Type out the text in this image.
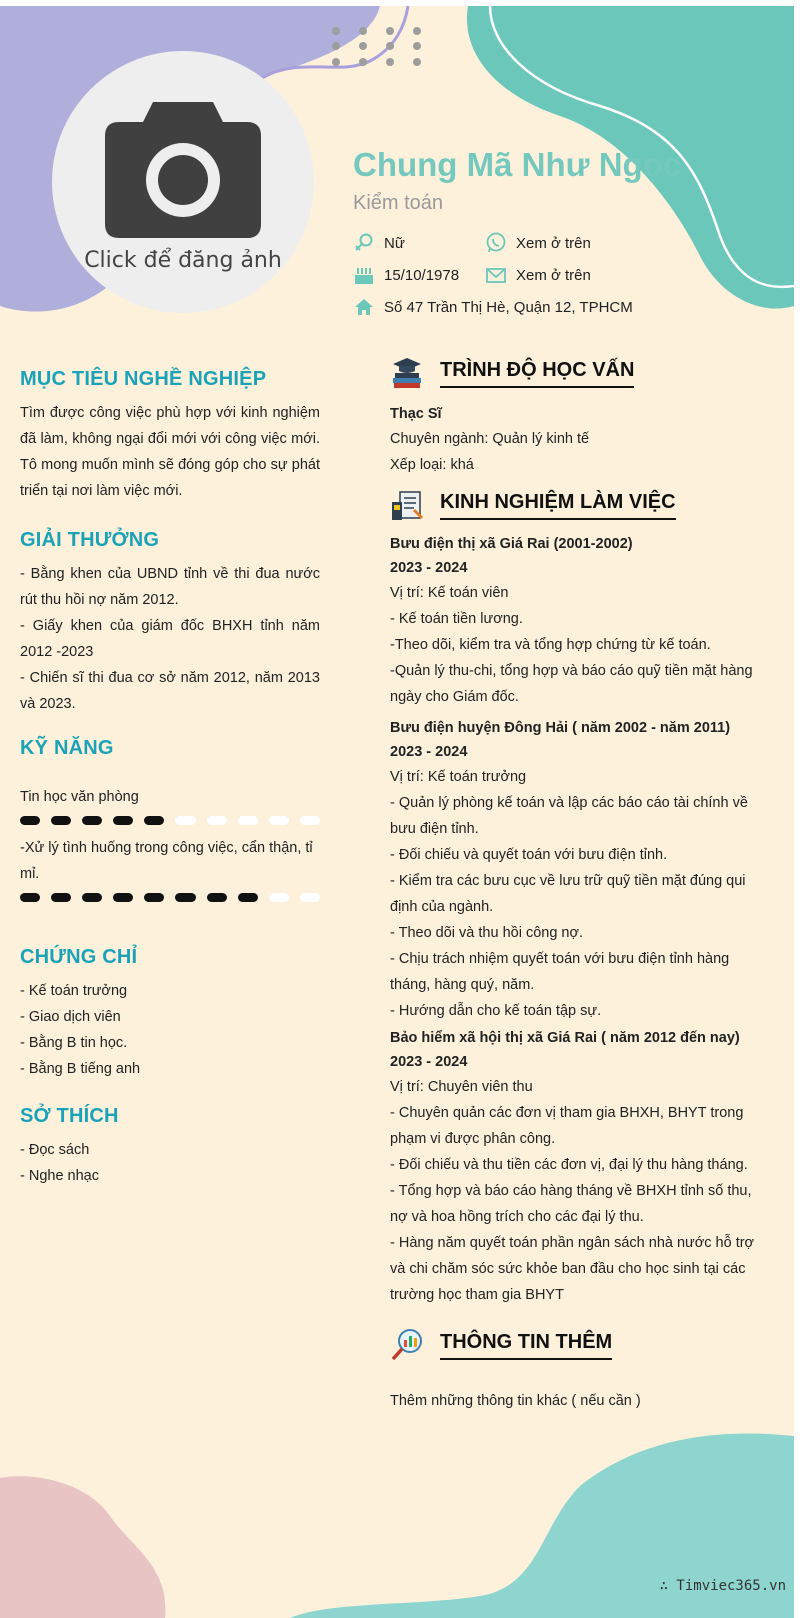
Click để đăng ảnh
Chung Mã Như Ngọc
Kiểm toán
Nữ	Xem ở trên
15/10/1978	Xem ở trên
Số 47 Trần Thị Hè, Quận 12, TPHCM
MỤC TIÊU NGHỀ NGHIỆP
Tìm được công việc phù hợp với kinh nghiệm đã làm, không ngại đổi mới với công việc mới. Tô mong muốn mình sẽ đóng góp cho sự phát triển tại nơi làm việc mới.
GIẢI THƯỞNG
- Bằng khen của UBND tỉnh về thi đua nước rút thu hồi nợ năm 2012.
- Giấy khen của giám đốc BHXH tỉnh năm 2012 -2023
- Chiến sĩ thi đua cơ sở năm 2012, năm 2013 và 2023.
KỸ NĂNG
Tin học văn phòng
-Xử lý tình huống trong công việc, cẩn thận, tỉ mỉ.
CHỨNG CHỈ
- Kế toán trưởng
- Giao dịch viên
- Bằng B tin học.
- Bằng B tiếng anh
SỞ THÍCH
- Đọc sách
- Nghe nhạc
TRÌNH ĐỘ HỌC VẤN
Thạc Sĩ
Chuyên ngành: Quản lý kinh tế
Xếp loại: khá
KINH NGHIỆM LÀM VIỆC
Bưu điện thị xã Giá Rai (2001-2002)
2023 - 2024
Vị trí: Kế toán viên
- Kế toán tiền lương.
-Theo dõi, kiểm tra và tổng hợp chứng từ kế toán.
-Quản lý thu-chi, tổng hợp và báo cáo quỹ tiền mặt hàng ngày cho Giám đốc.
Bưu điện huyện Đông Hải ( năm 2002 - năm 2011)
2023 - 2024
Vị trí: Kế toán trưởng
- Quản lý phòng kế toán và lập các báo cáo tài chính về bưu điện tỉnh.
- Đối chiếu và quyết toán với bưu điện tỉnh.
- Kiểm tra các bưu cục về lưu trữ quỹ tiền mặt đúng qui định của ngành.
- Theo dõi và thu hồi công nợ.
- Chịu trách nhiệm quyết toán với bưu điện tỉnh hàng tháng, hàng quý, năm.
- Hướng dẫn cho kế toán tập sự.
Bảo hiểm xã hội thị xã Giá Rai ( năm 2012 đến nay)
2023 - 2024
Vị trí: Chuyên viên thu
- Chuyên quản các đơn vị tham gia BHXH, BHYT trong phạm vi được phân công.
- Đối chiếu và thu tiền các đơn vị, đại lý thu hàng tháng.
- Tổng hợp và báo cáo hàng tháng về BHXH tỉnh số thu, nợ và hoa hồng trích cho các đại lý thu.
- Hàng năm quyết toán phần ngân sách nhà nước hỗ trợ và chi chăm sóc sức khỏe ban đầu cho học sinh tại các trường học tham gia BHYT
THÔNG TIN THÊM
Thêm những thông tin khác ( nếu cần )
∴ Timviec365.vn
